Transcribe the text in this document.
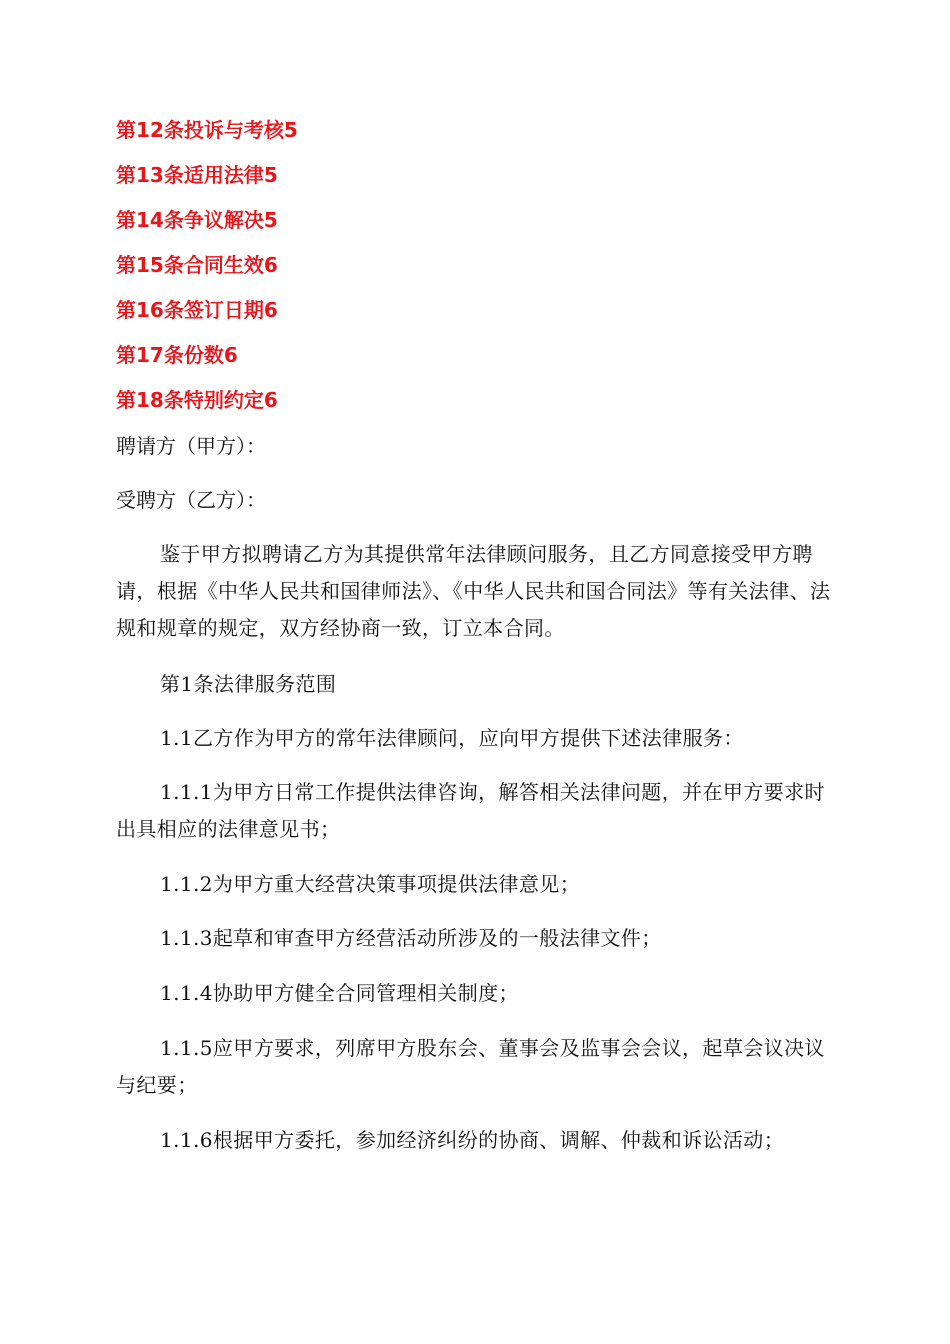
第12条投诉与考核5
第13条适用法律5
第14条争议解决5
第15条合同生效6
第16条签订日期6
第17条份数6
第18条特别约定6
聘请方（甲方）：
受聘方（乙方）：

鉴于甲方拟聘请乙方为其提供常年法律顾问服务，且乙方同意接受甲方聘请，根据《中华人民共和国律师法》、《中华人民共和国合同法》等有关法律、法规和规章的规定，双方经协商一致，订立本合同。

第1条法律服务范围

1.1乙方作为甲方的常年法律顾问，应向甲方提供下述法律服务：

1.1.1为甲方日常工作提供法律咨询，解答相关法律问题，并在甲方要求时出具相应的法律意见书；

1.1.2为甲方重大经营决策事项提供法律意见；

1.1.3起草和审查甲方经营活动所涉及的一般法律文件；

1.1.4协助甲方健全合同管理相关制度；

1.1.5应甲方要求，列席甲方股东会、董事会及监事会会议，起草会议决议与纪要；

1.1.6根据甲方委托，参加经济纠纷的协商、调解、仲裁和诉讼活动；
